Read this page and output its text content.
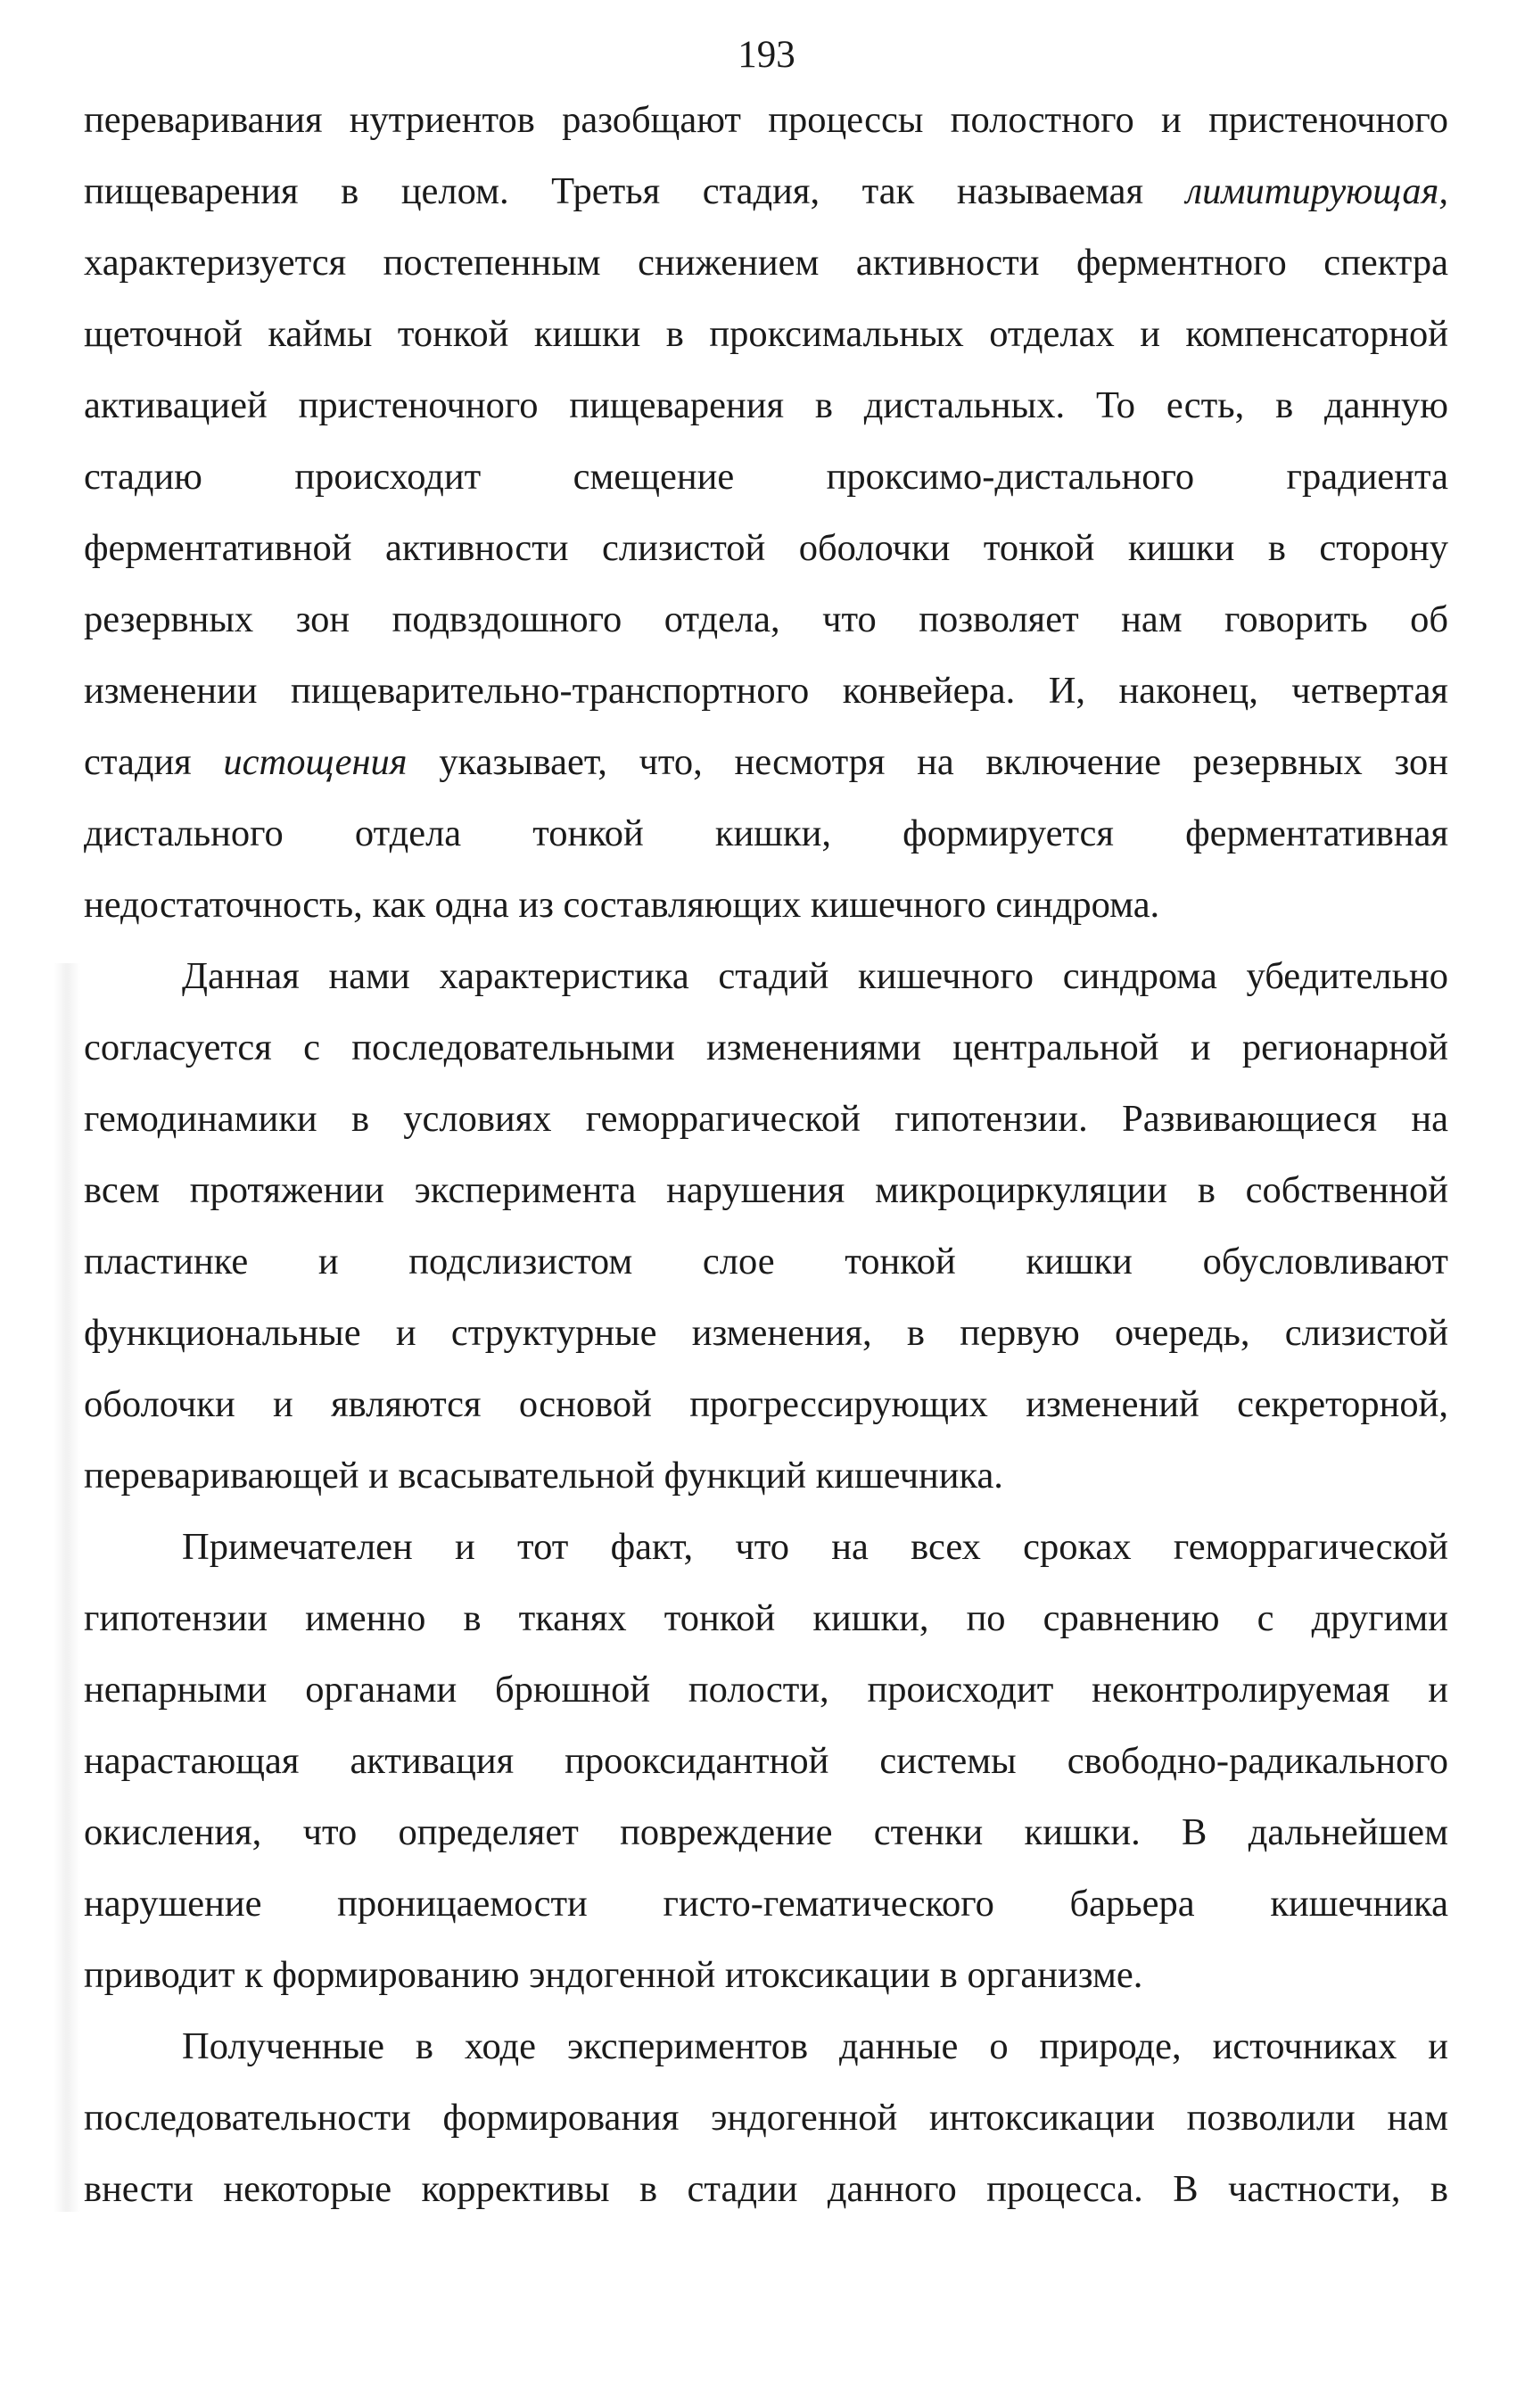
193
переваривания нутриентов разобщают процессы полостного и пристеночного
пищеварения в целом. Третья стадия, так называемая лимитирующая,
характеризуется постепенным снижением активности ферментного спектра
щеточной каймы тонкой кишки в проксимальных отделах и компенсаторной
активацией пристеночного пищеварения в дистальных. То есть, в данную
стадию происходит смещение проксимо-дистального градиента
ферментативной активности слизистой оболочки тонкой кишки в сторону
резервных зон подвздошного отдела, что позволяет нам говорить об
изменении пищеварительно-транспортного конвейера. И, наконец, четвертая
стадия истощения указывает, что, несмотря на включение резервных зон
дистального отдела тонкой кишки, формируется ферментативная
недостаточность, как одна из составляющих кишечного синдрома.
Данная нами характеристика стадий кишечного синдрома убедительно
согласуется с последовательными изменениями центральной и регионарной
гемодинамики в условиях геморрагической гипотензии. Развивающиеся на
всем протяжении эксперимента нарушения микроциркуляции в собственной
пластинке и подслизистом слое тонкой кишки обусловливают
функциональные и структурные изменения, в первую очередь, слизистой
оболочки и являются основой прогрессирующих изменений секреторной,
переваривающей и всасывательной функций кишечника.
Примечателен и тот факт, что на всех сроках геморрагической
гипотензии именно в тканях тонкой кишки, по сравнению с другими
непарными органами брюшной полости, происходит неконтролируемая и
нарастающая активация прооксидантной системы свободно-радикального
окисления, что определяет повреждение стенки кишки. В дальнейшем
нарушение проницаемости гисто-гематического барьера кишечника
приводит к формированию эндогенной итоксикации в организме.
Полученные в ходе экспериментов данные о природе, источниках и
последовательности формирования эндогенной интоксикации позволили нам
внести некоторые коррективы в стадии данного процесса. В частности, в
